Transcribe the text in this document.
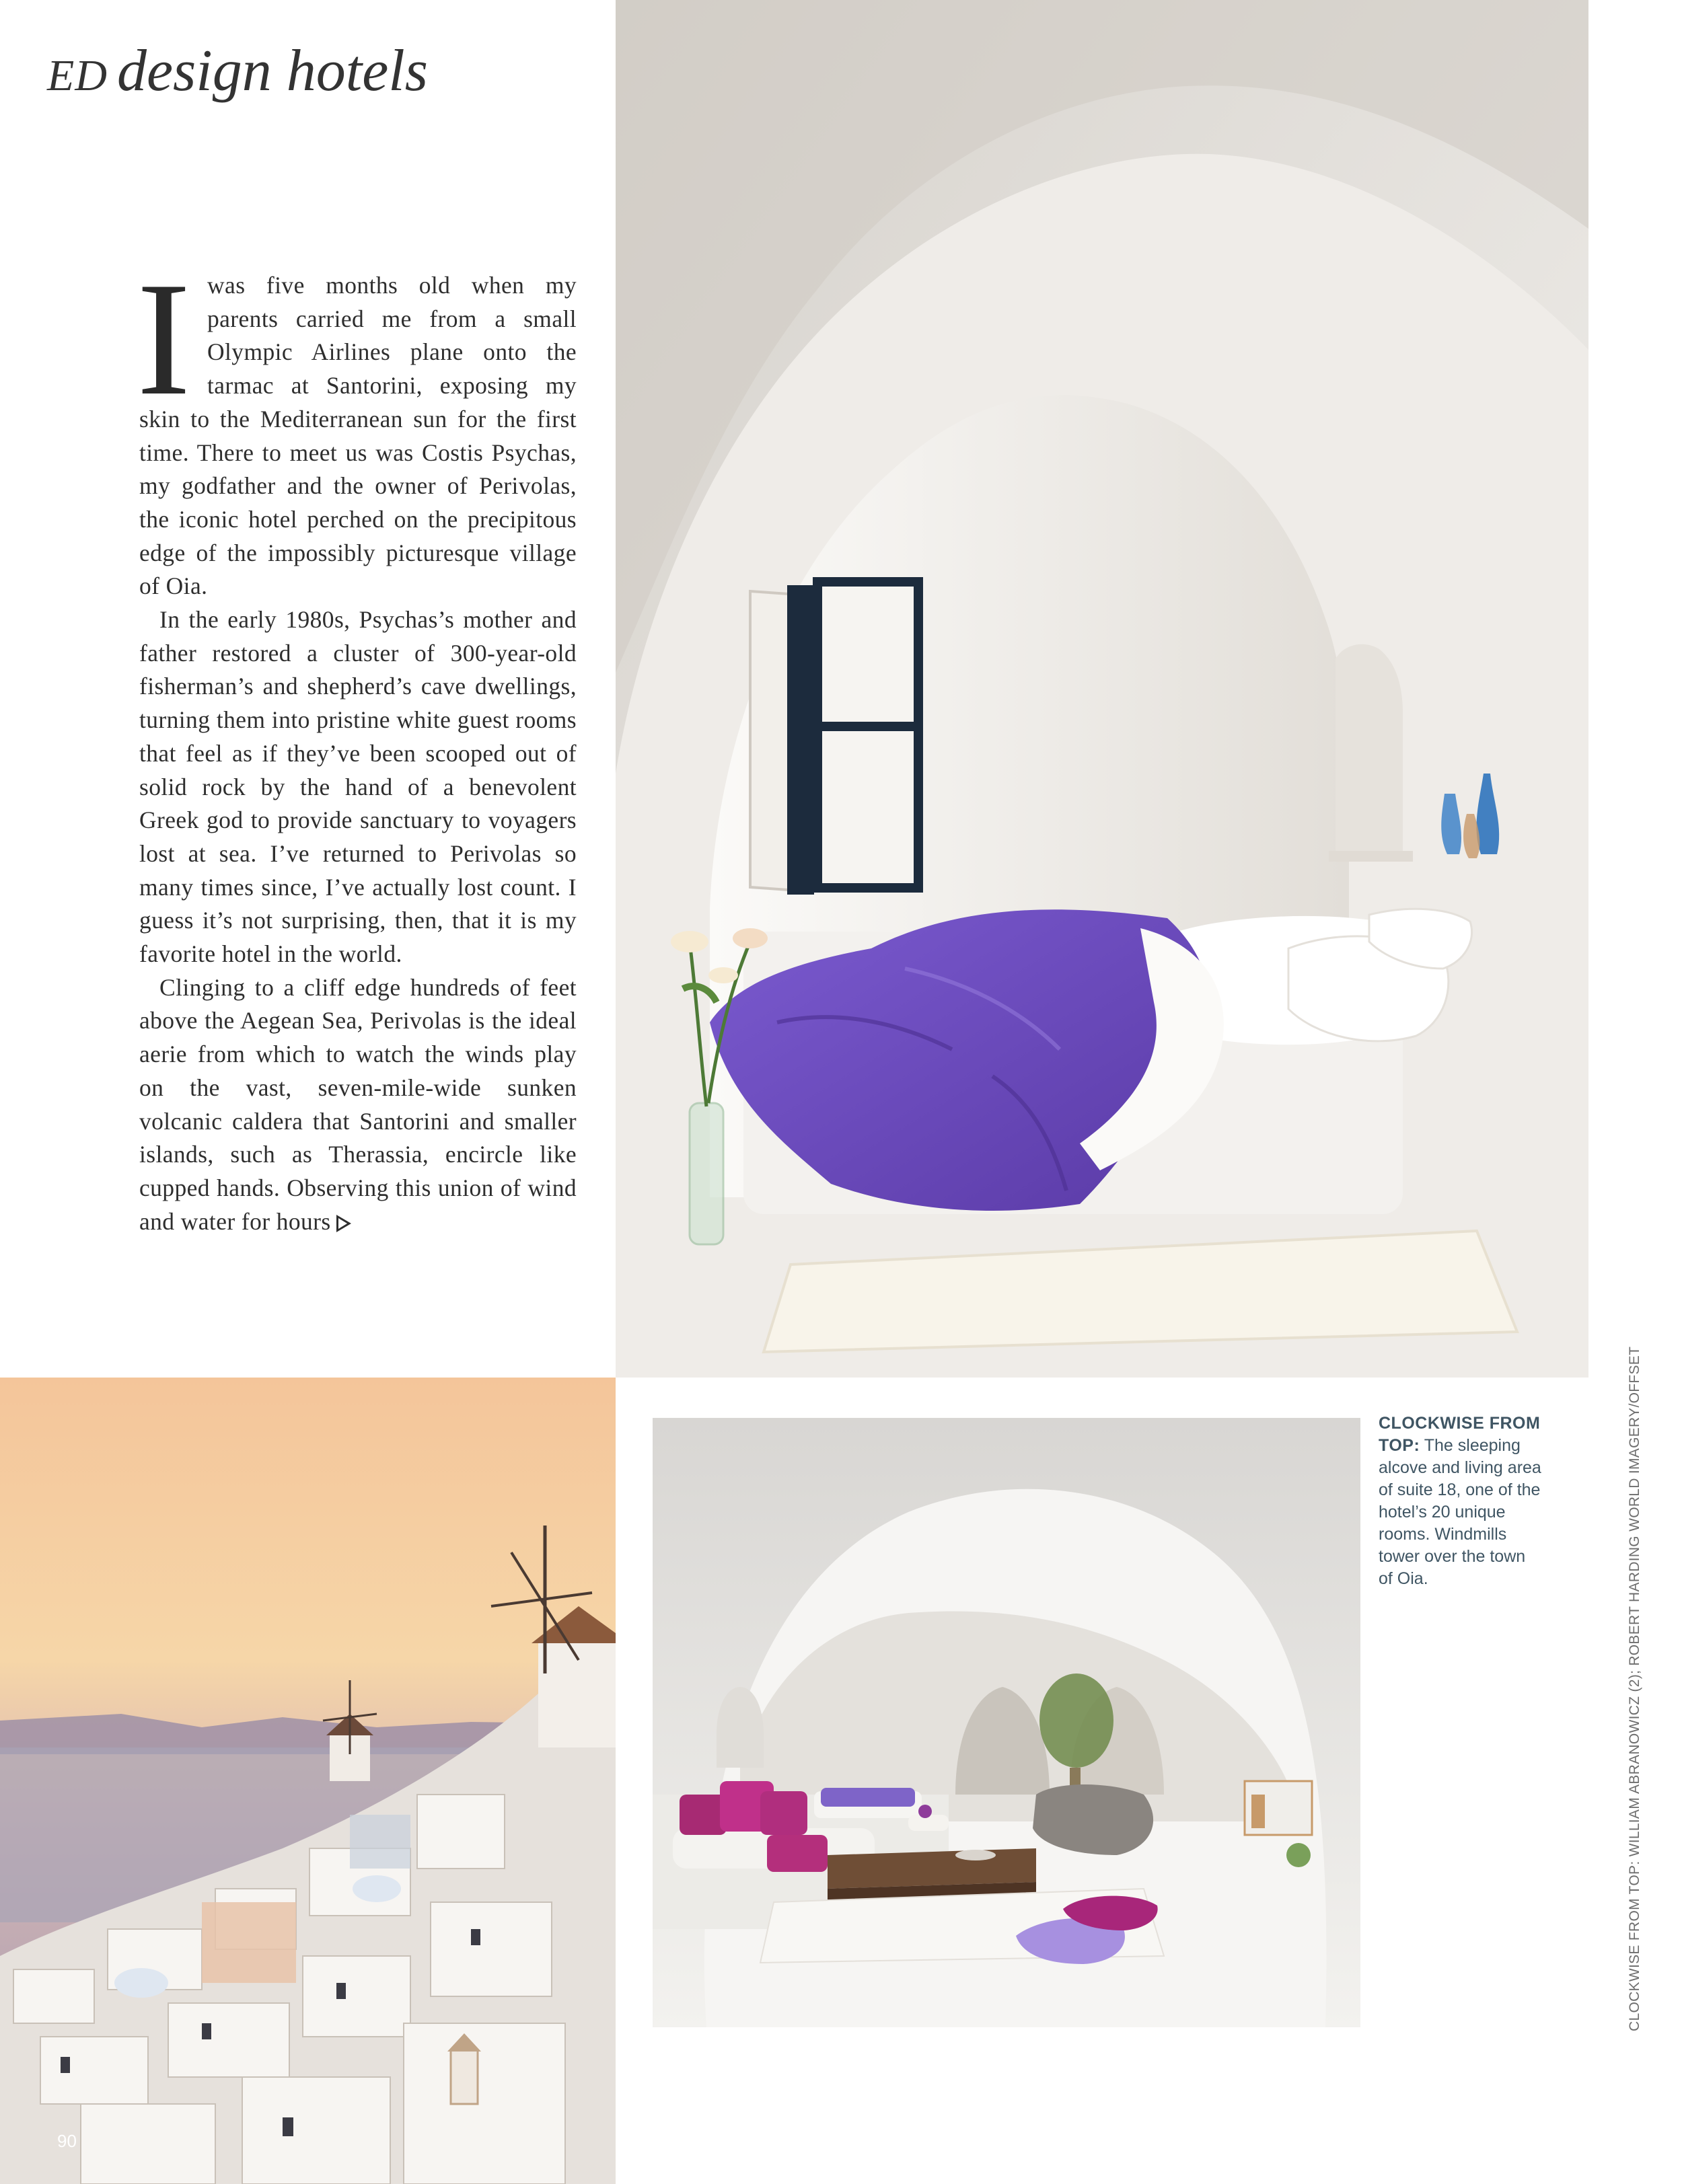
ED design hotels

Iwas five months old when my parents carried me from a small Olympic Airlines plane onto the tarmac at Santorini, exposing my skin to the Mediterranean sun for the first time. There to meet us was Costis Psychas, my godfather and the owner of Perivolas, the iconic hotel perched on the precipitous edge of the impossibly picturesque village of Oia.

In the early 1980s, Psychas’s mother and father restored a cluster of 300-year-old fisherman’s and shepherd’s cave dwellings, turning them into pristine white guest rooms that feel as if they’ve been scooped out of solid rock by the hand of a benevolent Greek god to provide sanctuary to voyagers lost at sea. I’ve returned to Perivolas so many times since, I’ve actually lost count. I guess it’s not surprising, then, that it is my favorite hotel in the world.

Clinging to a cliff edge hundreds of feet above the Aegean Sea, Perivolas is the ideal aerie from which to watch the winds play on the vast, seven-mile-wide sunken volcanic caldera that Santorini and smaller islands, such as Therassia, encircle like cupped hands. Observing this union of wind and water for hours

CLOCKWISE FROM TOP: The sleeping alcove and living area of suite 18, one of the hotel’s 20 unique rooms. Windmills tower over the town of Oia.	CLOCKWISE FROM TOP: WILLIAM ABRANOWICZ (2); ROBERT HARDING WORLD IMAGERY/OFFSET
90
